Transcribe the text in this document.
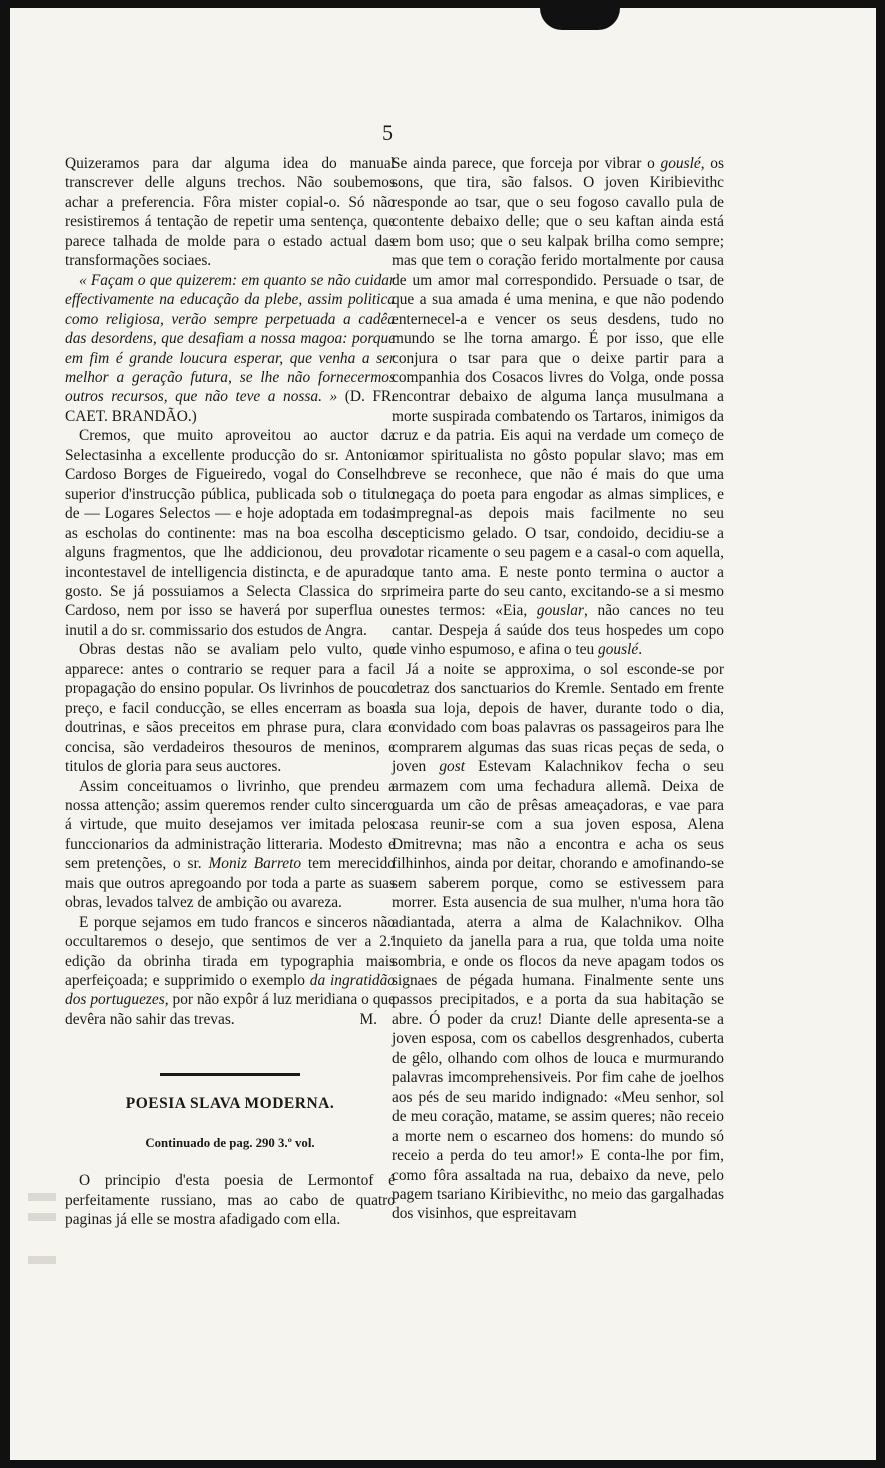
5

Quizeramos para dar alguma idea do manual transcrever delle alguns trechos. Não soubemos achar a preferencia. Fôra mister copial-o. Só não resistiremos á tentação de repetir uma sentença, que parece talhada de molde para o estado actual das transformações sociaes.

« Façam o que quizerem: em quanto se não cuidar effectivamente na educação da plebe, assim politica como religiosa, verão sempre perpetuada a cadêa das desordens, que desafiam a nossa magoa: porque em fim é grande loucura esperar, que venha a ser melhor a geração futura, se lhe não fornecermos outros recursos, que não teve a nossa. » (D. FR. CAET. BRANDÃO.)

Cremos, que muito aproveitou ao auctor da Selectasinha a excellente producção do sr. Antonio Cardoso Borges de Figueiredo, vogal do Conselho superior d'instrucção pública, publicada sob o titulo de — Logares Selectos — e hoje adoptada em todas as escholas do continente: mas na boa escolha de alguns fragmentos, que lhe addicionou, deu prova incontestavel de intelligencia distincta, e de apurado gosto. Se já possuiamos a Selecta Classica do sr. Cardoso, nem por isso se haverá por superflua ou inutil a do sr. commissario dos estudos de Angra.

Obras destas não se avaliam pelo vulto, que apparece: antes o contrario se requer para a facil propagação do ensino popular. Os livrinhos de pouco preço, e facil conducção, se elles encerram as boas doutrinas, e sãos preceitos em phrase pura, clara e concisa, são verdadeiros thesouros de meninos, e titulos de gloria para seus auctores.

Assim conceituamos o livrinho, que prendeu a nossa attenção; assim queremos render culto sincero á virtude, que muito desejamos ver imitada pelos funccionarios da administração litteraria. Modesto e sem pretenções, o sr. Moniz Barreto tem merecido mais que outros apregoando por toda a parte as suas obras, levados talvez de ambição ou avareza.

E porque sejamos em tudo francos e sinceros não occultaremos o desejo, que sentimos de ver a 2.ª edição da obrinha tirada em typographia mais aperfeiçoada; e supprimido o exemplo da ingratidão dos portuguezes, por não expôr á luz meridiana o que devêra não sahir das trevas.	M.

POESIA SLAVA MODERNA.
Continuado de pag. 290 3.º vol.

O principio d'esta poesia de Lermontof é perfeitamente russiano, mas ao cabo de quatro paginas já elle se mostra afadigado com ella.

Se ainda parece, que forceja por vibrar o gouslé, os sons, que tira, são falsos. O joven Kiribievithc responde ao tsar, que o seu fogoso cavallo pula de contente debaixo delle; que o seu kaftan ainda está em bom uso; que o seu kalpak brilha como sempre; mas que tem o coração ferido mortalmente por causa de um amor mal correspondido. Persuade o tsar, de que a sua amada é uma menina, e que não podendo enternecel-a e vencer os seus desdens, tudo no mundo se lhe torna amargo. É por isso, que elle conjura o tsar para que o deixe partir para a companhia dos Cosacos livres do Volga, onde possa encontrar debaixo de alguma lança musulmana a morte suspirada combatendo os Tartaros, inimigos da cruz e da patria. Eis aqui na verdade um começo de amor spiritualista no gôsto popular slavo; mas em breve se reconhece, que não é mais do que uma negaça do poeta para engodar as almas simplices, e impregnal-as depois mais facilmente no seu scepticismo gelado. O tsar, condoido, decidiu-se a dotar ricamente o seu pagem e a casal-o com aquella, que tanto ama. E neste ponto termina o auctor a primeira parte do seu canto, excitando-se a si mesmo nestes termos: «Eia, gouslar, não cances no teu cantar. Despeja á saúde dos teus hospedes um copo de vinho espumoso, e afina o teu gouslé.

Já a noite se approxima, o sol esconde-se por detraz dos sanctuarios do Kremle. Sentado em frente da sua loja, depois de haver, durante todo o dia, convidado com boas palavras os passageiros para lhe comprarem algumas das suas ricas peças de seda, o joven gost Estevam Kalachnikov fecha o seu armazem com uma fechadura allemã. Deixa de guarda um cão de prêsas ameaçadoras, e vae para casa reunir-se com a sua joven esposa, Alena Dmitrevna; mas não a encontra e acha os seus filhinhos, ainda por deitar, chorando e amofinando-se sem saberem porque, como se estivessem para morrer. Esta ausencia de sua mulher, n'uma hora tão adiantada, aterra a alma de Kalachnikov. Olha inquieto da janella para a rua, que tolda uma noite sombria, e onde os flocos da neve apagam todos os signaes de pégada humana. Finalmente sente uns passos precipitados, e a porta da sua habitação se abre. Ó poder da cruz! Diante delle apresenta-se a joven esposa, com os cabellos desgrenhados, cuberta de gêlo, olhando com olhos de louca e murmurando palavras imcomprehensiveis. Por fim cahe de joelhos aos pés de seu marido indignado: «Meu senhor, sol de meu coração, matame, se assim queres; não receio a morte nem o escarneo dos homens: do mundo só receio a perda do teu amor!» E conta-lhe por fim, como fôra assaltada na rua, debaixo da neve, pelo pagem tsariano Kiribievithc, no meio das gargalhadas dos visinhos, que espreitavam
